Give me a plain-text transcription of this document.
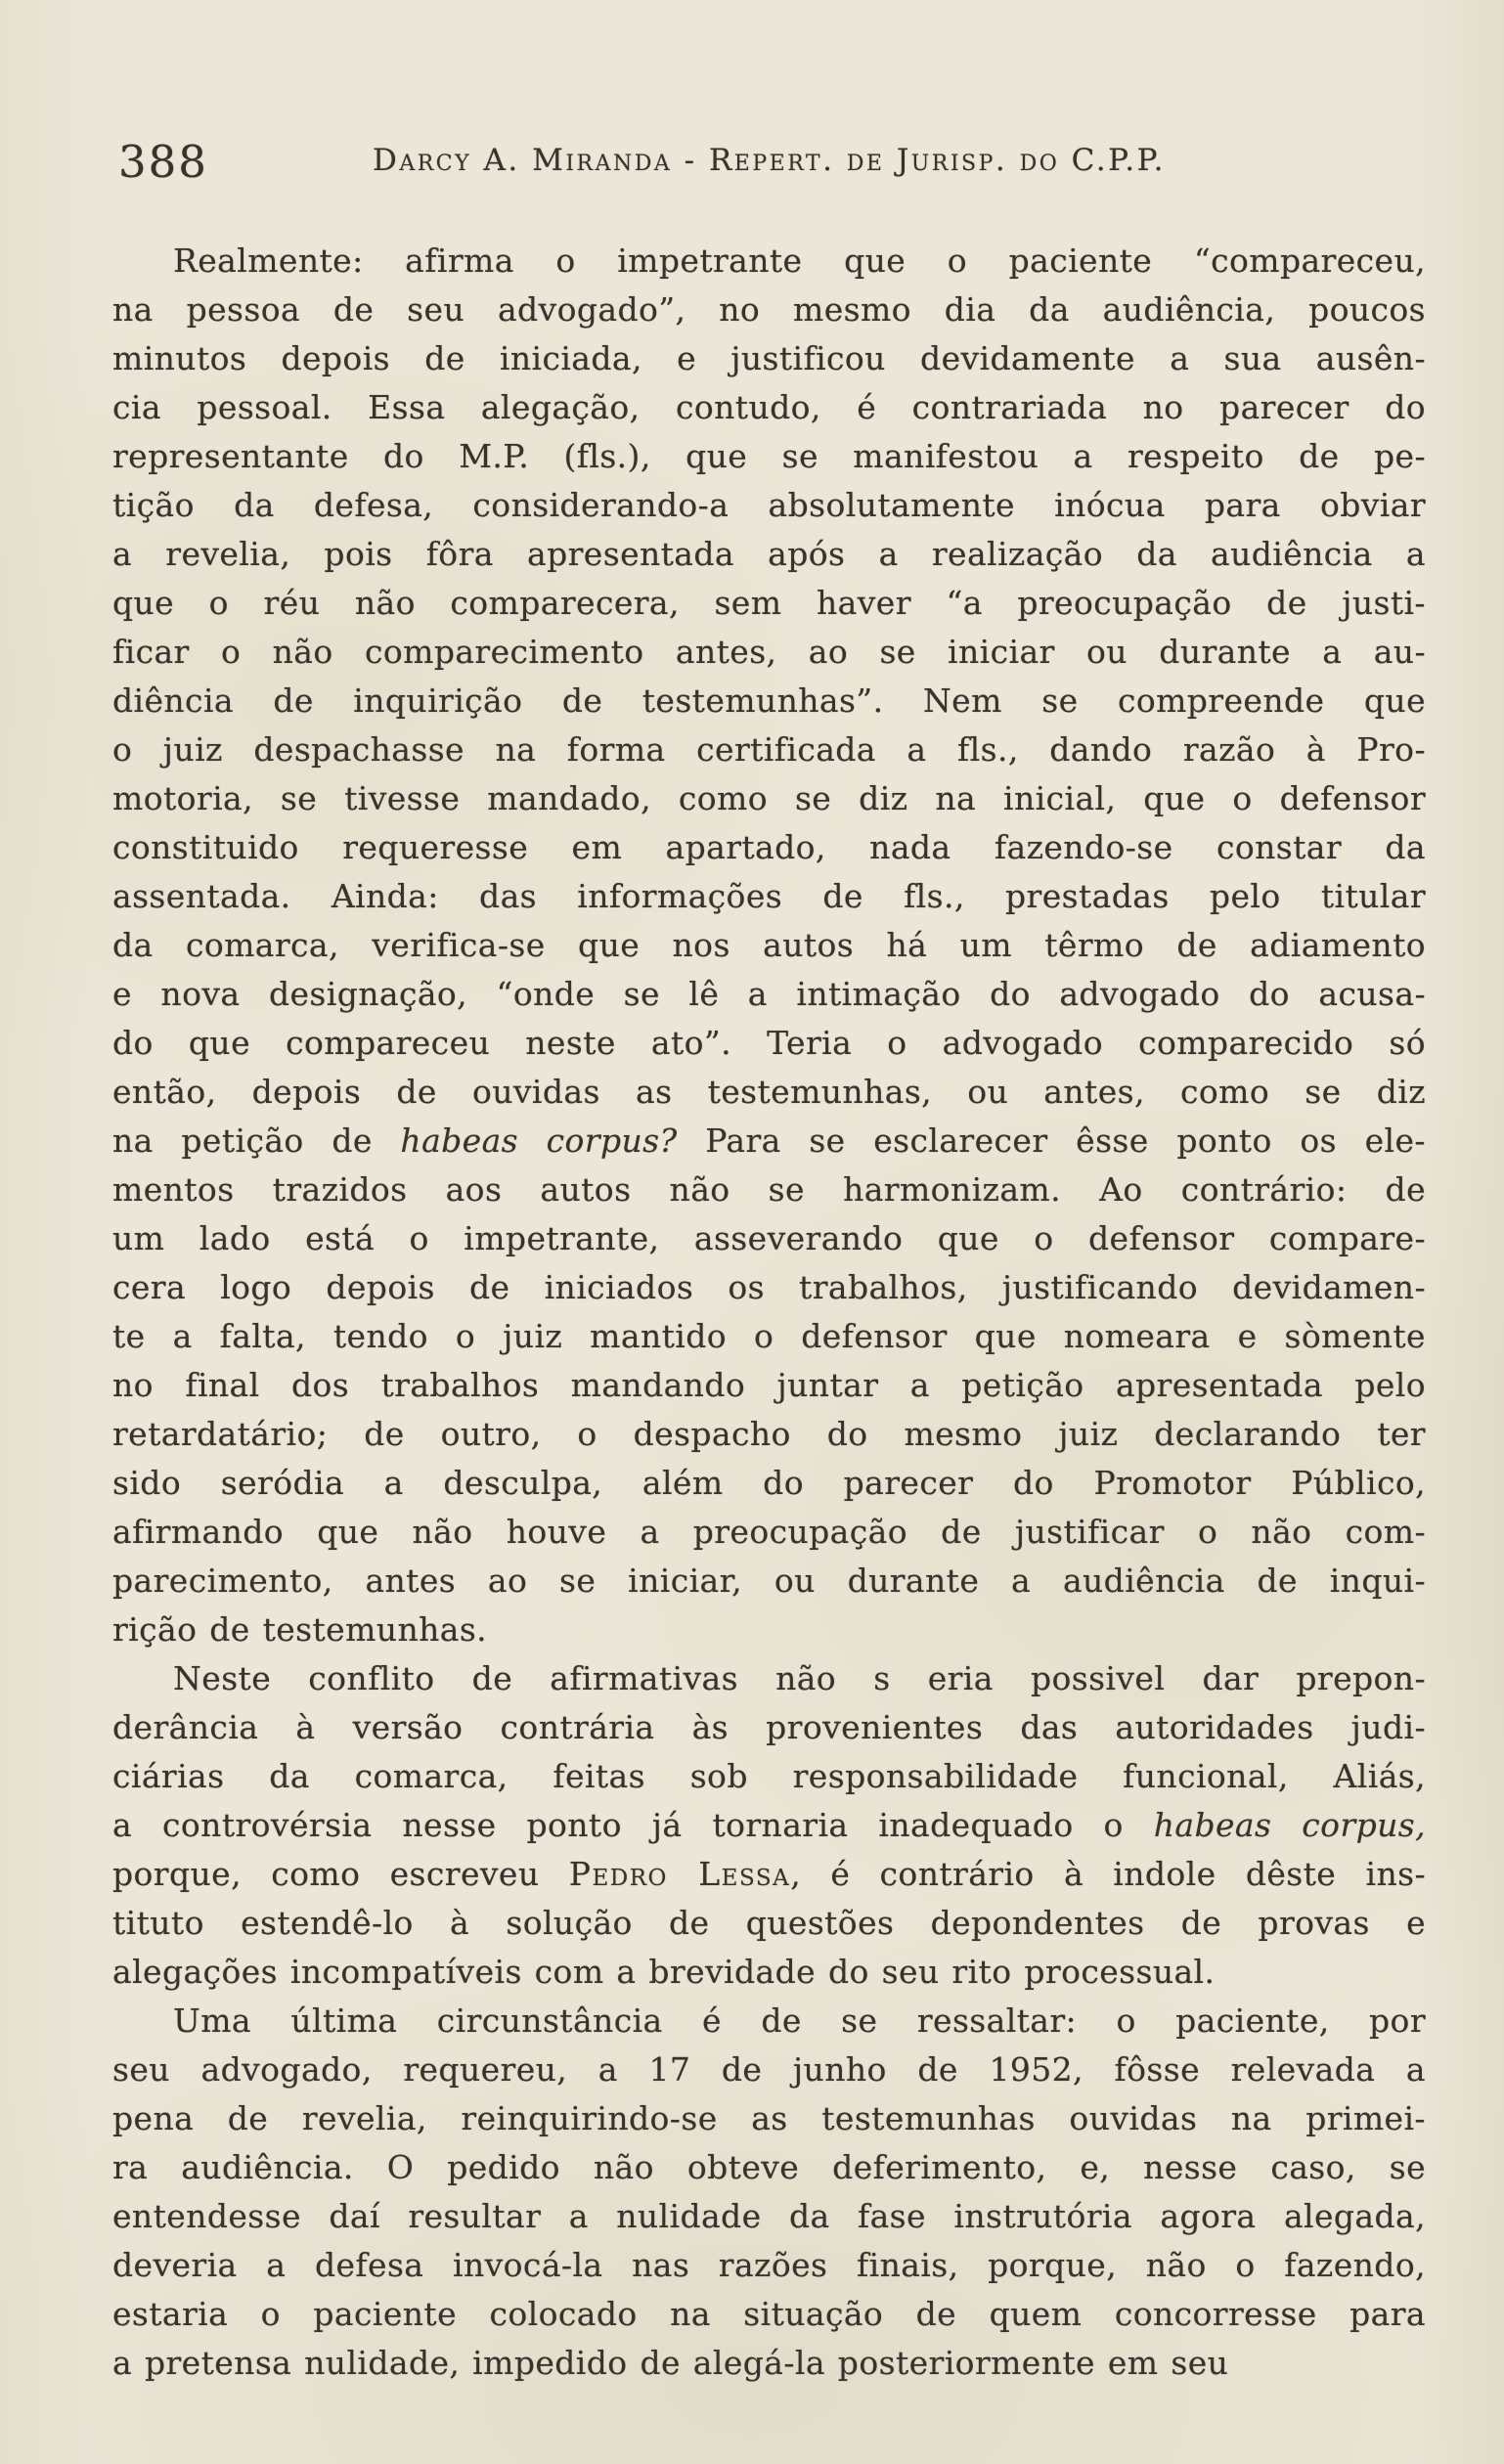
388	Darcy A. Miranda - Repert. de Jurisp. do C.P.P.
Realmente: afirma o impetrante que o paciente “compareceu,
na pessoa de seu advogado”, no mesmo dia da audiência, poucos
minutos depois de iniciada, e justificou devidamente a sua ausên-
cia pessoal. Essa alegação, contudo, é contrariada no parecer do
representante do M.P. (fls.), que se manifestou a respeito de pe-
tição da defesa, considerando-a absolutamente inócua para obviar
a revelia, pois fôra apresentada após a realização da audiência a
que o réu não comparecera, sem haver “a preocupação de justi-
ficar o não comparecimento antes, ao se iniciar ou durante a au-
diência de inquirição de testemunhas”. Nem se compreende que
o juiz despachasse na forma certificada a fls., dando razão à Pro-
motoria, se tivesse mandado, como se diz na inicial, que o defensor
constituido requeresse em apartado, nada fazendo-se constar da
assentada. Ainda: das informações de fls., prestadas pelo titular
da comarca, verifica-se que nos autos há um têrmo de adiamento
e nova designação, “onde se lê a intimação do advogado do acusa-
do que compareceu neste ato”. Teria o advogado comparecido só
então, depois de ouvidas as testemunhas, ou antes, como se diz
na petição de habeas corpus? Para se esclarecer êsse ponto os ele-
mentos trazidos aos autos não se harmonizam. Ao contrário: de
um lado está o impetrante, asseverando que o defensor compare-
cera logo depois de iniciados os trabalhos, justificando devidamen-
te a falta, tendo o juiz mantido o defensor que nomeara e sòmente
no final dos trabalhos mandando juntar a petição apresentada pelo
retardatário; de outro, o despacho do mesmo juiz declarando ter
sido seródia a desculpa, além do parecer do Promotor Público,
afirmando que não houve a preocupação de justificar o não com-
parecimento, antes ao se iniciar, ou durante a audiência de inqui-
rição de testemunhas.
Neste conflito de afirmativas não s eria possivel dar prepon-
derância à versão contrária às provenientes das autoridades judi-
ciárias da comarca, feitas sob responsabilidade funcional, Aliás,
a controvérsia nesse ponto já tornaria inadequado o habeas corpus,
porque, como escreveu Pedro Lessa, é contrário à indole dêste ins-
tituto estendê-lo à solução de questões depondentes de provas e
alegações incompatíveis com a brevidade do seu rito processual.
Uma última circunstância é de se ressaltar: o paciente, por
seu advogado, requereu, a 17 de junho de 1952, fôsse relevada a
pena de revelia, reinquirindo-se as testemunhas ouvidas na primei-
ra audiência. O pedido não obteve deferimento, e, nesse caso, se
entendesse daí resultar a nulidade da fase instrutória agora alegada,
deveria a defesa invocá-la nas razões finais, porque, não o fazendo,
estaria o paciente colocado na situação de quem concorresse para
a pretensa nulidade, impedido de alegá-la posteriormente em seu
